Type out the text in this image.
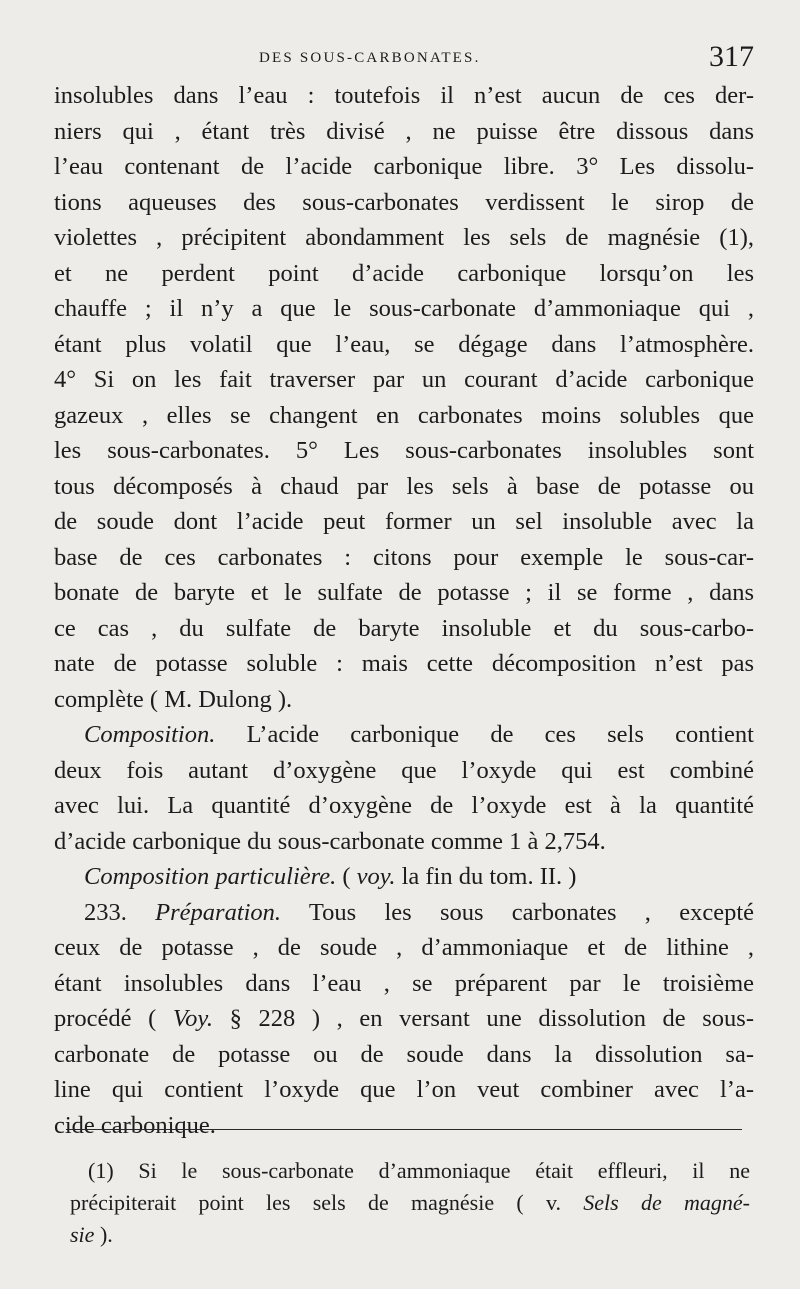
DES SOUS-CARBONATES.	317
insolubles dans l’eau : toutefois il n’est aucun de ces der-
niers qui , étant très divisé , ne puisse être dissous dans
l’eau contenant de l’acide carbonique libre. 3° Les dissolu-
tions aqueuses des sous-carbonates verdissent le sirop de
violettes , précipitent abondamment les sels de magnésie (1),
et ne perdent point d’acide carbonique lorsqu’on les
chauffe ; il n’y a que le sous-carbonate d’ammoniaque qui ,
étant plus volatil que l’eau, se dégage dans l’atmosphère.
4° Si on les fait traverser par un courant d’acide carbonique
gazeux , elles se changent en carbonates moins solubles que
les sous-carbonates. 5° Les sous-carbonates insolubles sont
tous décomposés à chaud par les sels à base de potasse ou
de soude dont l’acide peut former un sel insoluble avec la
base de ces carbonates : citons pour exemple le sous-car-
bonate de baryte et le sulfate de potasse ; il se forme , dans
ce cas , du sulfate de baryte insoluble et du sous-carbo-
nate de potasse soluble : mais cette décomposition n’est pas
complète ( M. Dulong ).
Composition. L’acide carbonique de ces sels contient
deux fois autant d’oxygène que l’oxyde qui est combiné
avec lui. La quantité d’oxygène de l’oxyde est à la quantité
d’acide carbonique du sous-carbonate comme 1 à 2,754.
Composition particulière. ( voy. la fin du tom. II. )
233. Préparation. Tous les sous carbonates , excepté
ceux de potasse , de soude , d’ammoniaque et de lithine ,
étant insolubles dans l’eau , se préparent par le troisième
procédé ( Voy. § 228 ) , en versant une dissolution de sous-
carbonate de potasse ou de soude dans la dissolution sa-
line qui contient l’oxyde que l’on veut combiner avec l’a-
cide carbonique.
(1) Si le sous-carbonate d’ammoniaque était effleuri, il ne
précipiterait point les sels de magnésie ( v. Sels de magné-
sie ).
